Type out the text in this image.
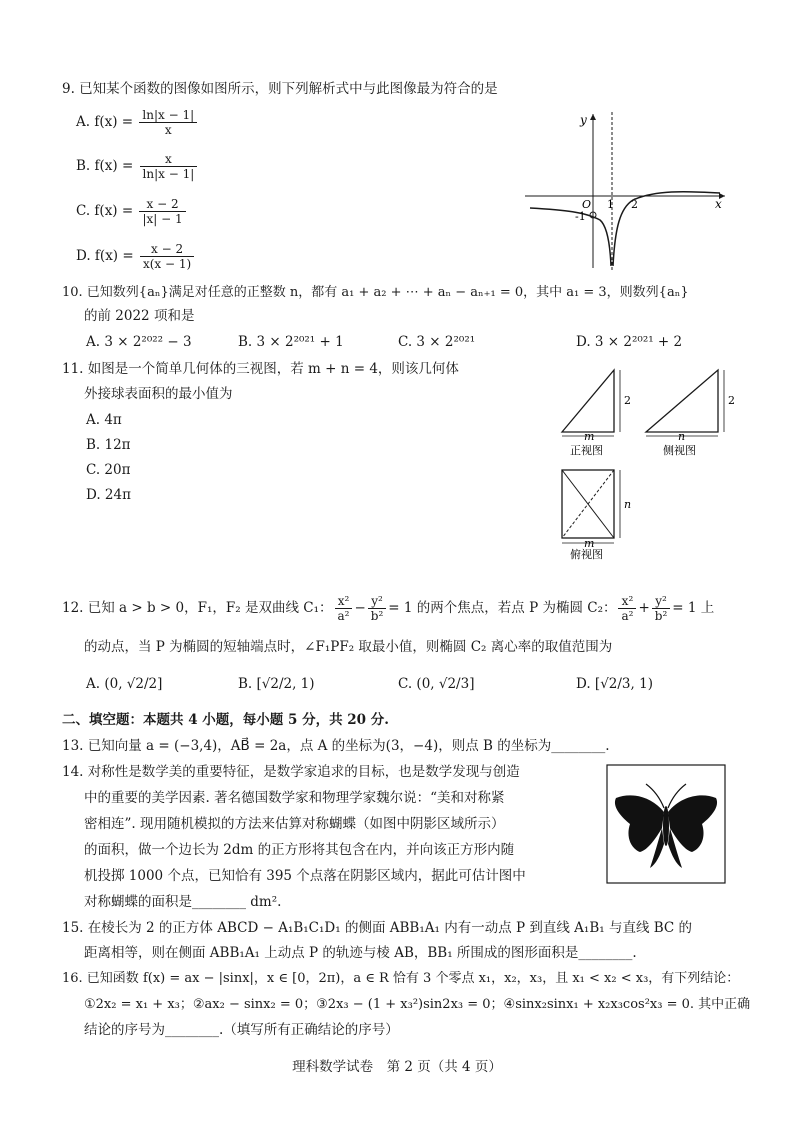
9. 已知某个函数的图像如图所示，则下列解析式中与此图像最为符合的是
A. $f(x) = \frac{\ln|x - 1|}{x}$
B. $f(x) = \frac{x}{\ln|x - 1|}$
C. $f(x) = \frac{x - 2}{|x| - 1}$
D. $f(x) = \frac{x - 2}{x(x - 1)}$
y
x
O 1 2
-1
10. 已知数列{aₙ}满足对任意的正整数 n，都有 a₁ + a₂ + ⋯ + aₙ − aₙ₊₁ = 0，其中 a₁ = 3，则数列{aₙ}
的前 2022 项和是
A. 3 × 2²⁰²² − 3	B. 3 × 2²⁰²¹ + 1	C. 3 × 2²⁰²¹	D. 3 × 2²⁰²¹ + 2
11. 如图是一个简单几何体的三视图，若 m + n = 4，则该几何体
外接球表面积的最小值为
A. 4π
B. 12π
C. 20π
D. 24π
2	2
m	n
n
m
正视图	侧视图
俯视图
12. 已知 a > b > 0，F₁，F₂ 是双曲线 C₁： $\frac{\text{x²}}{\text{a²}} - \frac{\text{y²}}{\text{b²}} = 1$ 的两个焦点，若点 P 为椭圆 C₂： $\frac{\text{x²}}{\text{a²}} + \frac{\text{y²}}{\text{b²}} = 1$ 上
的动点，当 P 为椭圆的短轴端点时，∠F₁PF₂ 取最小值，则椭圆 C₂ 离心率的取值范围为
A. (0, √2/2]	B. [√2/2, 1)	C. (0, √2/3]	D. [√2/3, 1)
二、填空题：本题共 4 小题，每小题 5 分，共 20 分.
13. 已知向量 a = (−3,4)，AB⃗ = 2a，点 A 的坐标为(3，−4)，则点 B 的坐标为________.
14. 对称性是数学美的重要特征，是数学家追求的目标，也是数学发现与创造
中的重要的美学因素. 著名德国数学家和物理学家魏尔说：“美和对称紧
密相连”. 现用随机模拟的方法来估算对称蝴蝶（如图中阴影区域所示）
的面积，做一个边长为 2dm 的正方形将其包含在内，并向该正方形内随
机投掷 1000 个点，已知恰有 395 个点落在阴影区域内，据此可估计图中
对称蝴蝶的面积是________ dm².
15. 在棱长为 2 的正方体 ABCD − A₁B₁C₁D₁ 的侧面 ABB₁A₁ 内有一动点 P 到直线 A₁B₁ 与直线 BC 的
距离相等，则在侧面 ABB₁A₁ 上动点 P 的轨迹与棱 AB，BB₁ 所围成的图形面积是________.
16. 已知函数 f(x) = ax − |sinx|，x ∈ [0，2π)，a ∈ R 恰有 3 个零点 x₁，x₂，x₃，且 x₁ < x₂ < x₃，有下列结论：
①2x₂ = x₁ + x₃；②ax₂ − sinx₂ = 0；③2x₃ − (1 + x₃²)sin2x₃ = 0；④sinx₂sinx₁ + x₂x₃cos²x₃ = 0. 其中正确
结论的序号为________.（填写所有正确结论的序号）
理科数学试卷　第 2 页（共 4 页）
